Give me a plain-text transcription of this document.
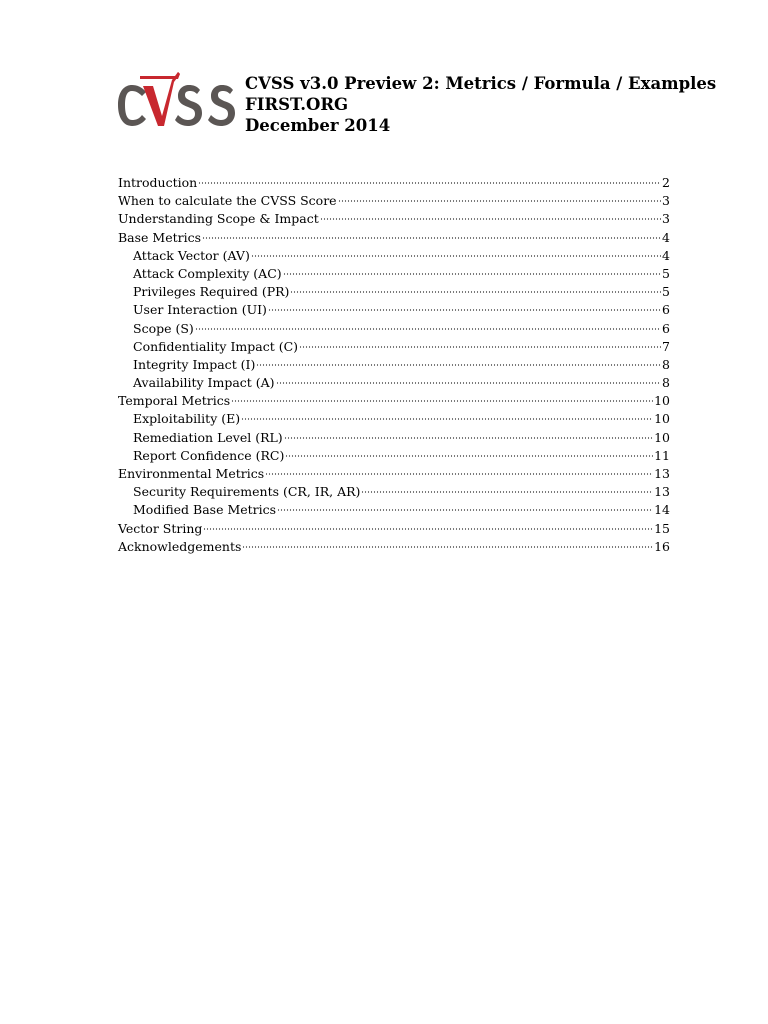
CVSS v3.0 Preview 2: Metrics / Formula / Examples
FIRST.ORG
December 2014
Introduction	2
When to calculate the CVSS Score	3
Understanding Scope & Impact	3
Base Metrics	4
Attack Vector (AV)	4
Attack Complexity (AC)	5
Privileges Required (PR)	5
User Interaction (UI)	6
Scope (S)	6
Confidentiality Impact (C)	7
Integrity Impact (I)	8
Availability Impact (A)	8
Temporal Metrics	10
Exploitability (E)	10
Remediation Level (RL)	10
Report Confidence (RC)	11
Environmental Metrics	13
Security Requirements (CR, IR, AR)	13
Modified Base Metrics	14
Vector String	15
Acknowledgements	16
